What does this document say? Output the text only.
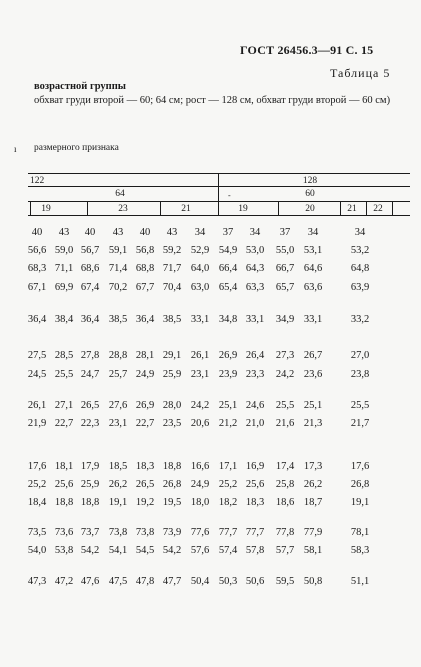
ГОСТ 26456.3—91 С. 15
Таблица 5
возрастной группы
обхват груди второй — 60; 64 см; рост — 128 см, обхват груди второй — 60 см)
ı размерного признака
122	128
64	-	60
19	23	21	19	20	21	22
40	43	40	43	40	43	34	37	34	37	34	34
56,6 59,0 56,7 59,1 56,8 59,2 52,9 54,9 53,0	55,0 53,1	53,2
68,3 71,1 68,6 71,4 68,8 71,7 64,0 66,4 64,3	66,7 64,6	64,8
67,1 69,9 67,4 70,2 67,7 70,4 63,0 65,4 63,3	65,7 63,6	63,9
36,4 38,4 36,4 38,5 36,4 38,5 33,1 34,8 33,1	34,9 33,1	33,2
27,5 28,5 27,8 28,8 28,1 29,1 26,1 26,9 26,4	27,3 26,7	27,0
24,5 25,5 24,7 25,7 24,9 25,9 23,1 23,9 23,3	24,2 23,6	23,8
26,1 27,1 26,5 27,6 26,9 28,0 24,2 25,1 24,6	25,5 25,1	25,5
21,9 22,7 22,3 23,1 22,7 23,5 20,6 21,2 21,0	21,6 21,3	21,7
17,6 18,1 17,9 18,5 18,3 18,8 16,6 17,1 16,9	17,4 17,3	17,6
25,2 25,6 25,9 26,2 26,5 26,8 24,9 25,2 25,6	25,8 26,2	26,8
18,4 18,8 18,8 19,1 19,2 19,5 18,0 18,2 18,3	18,6 18,7	19,1
73,5 73,6 73,7 73,8 73,8 73,9 77,6 77,7 77,7	77,8 77,9	78,1
54,0 53,8 54,2 54,1 54,5 54,2 57,6 57,4 57,8	57,7 58,1	58,3
47,3 47,2 47,6 47,5 47,8 47,7 50,4 50,3 50,6	59,5 50,8	51,1
